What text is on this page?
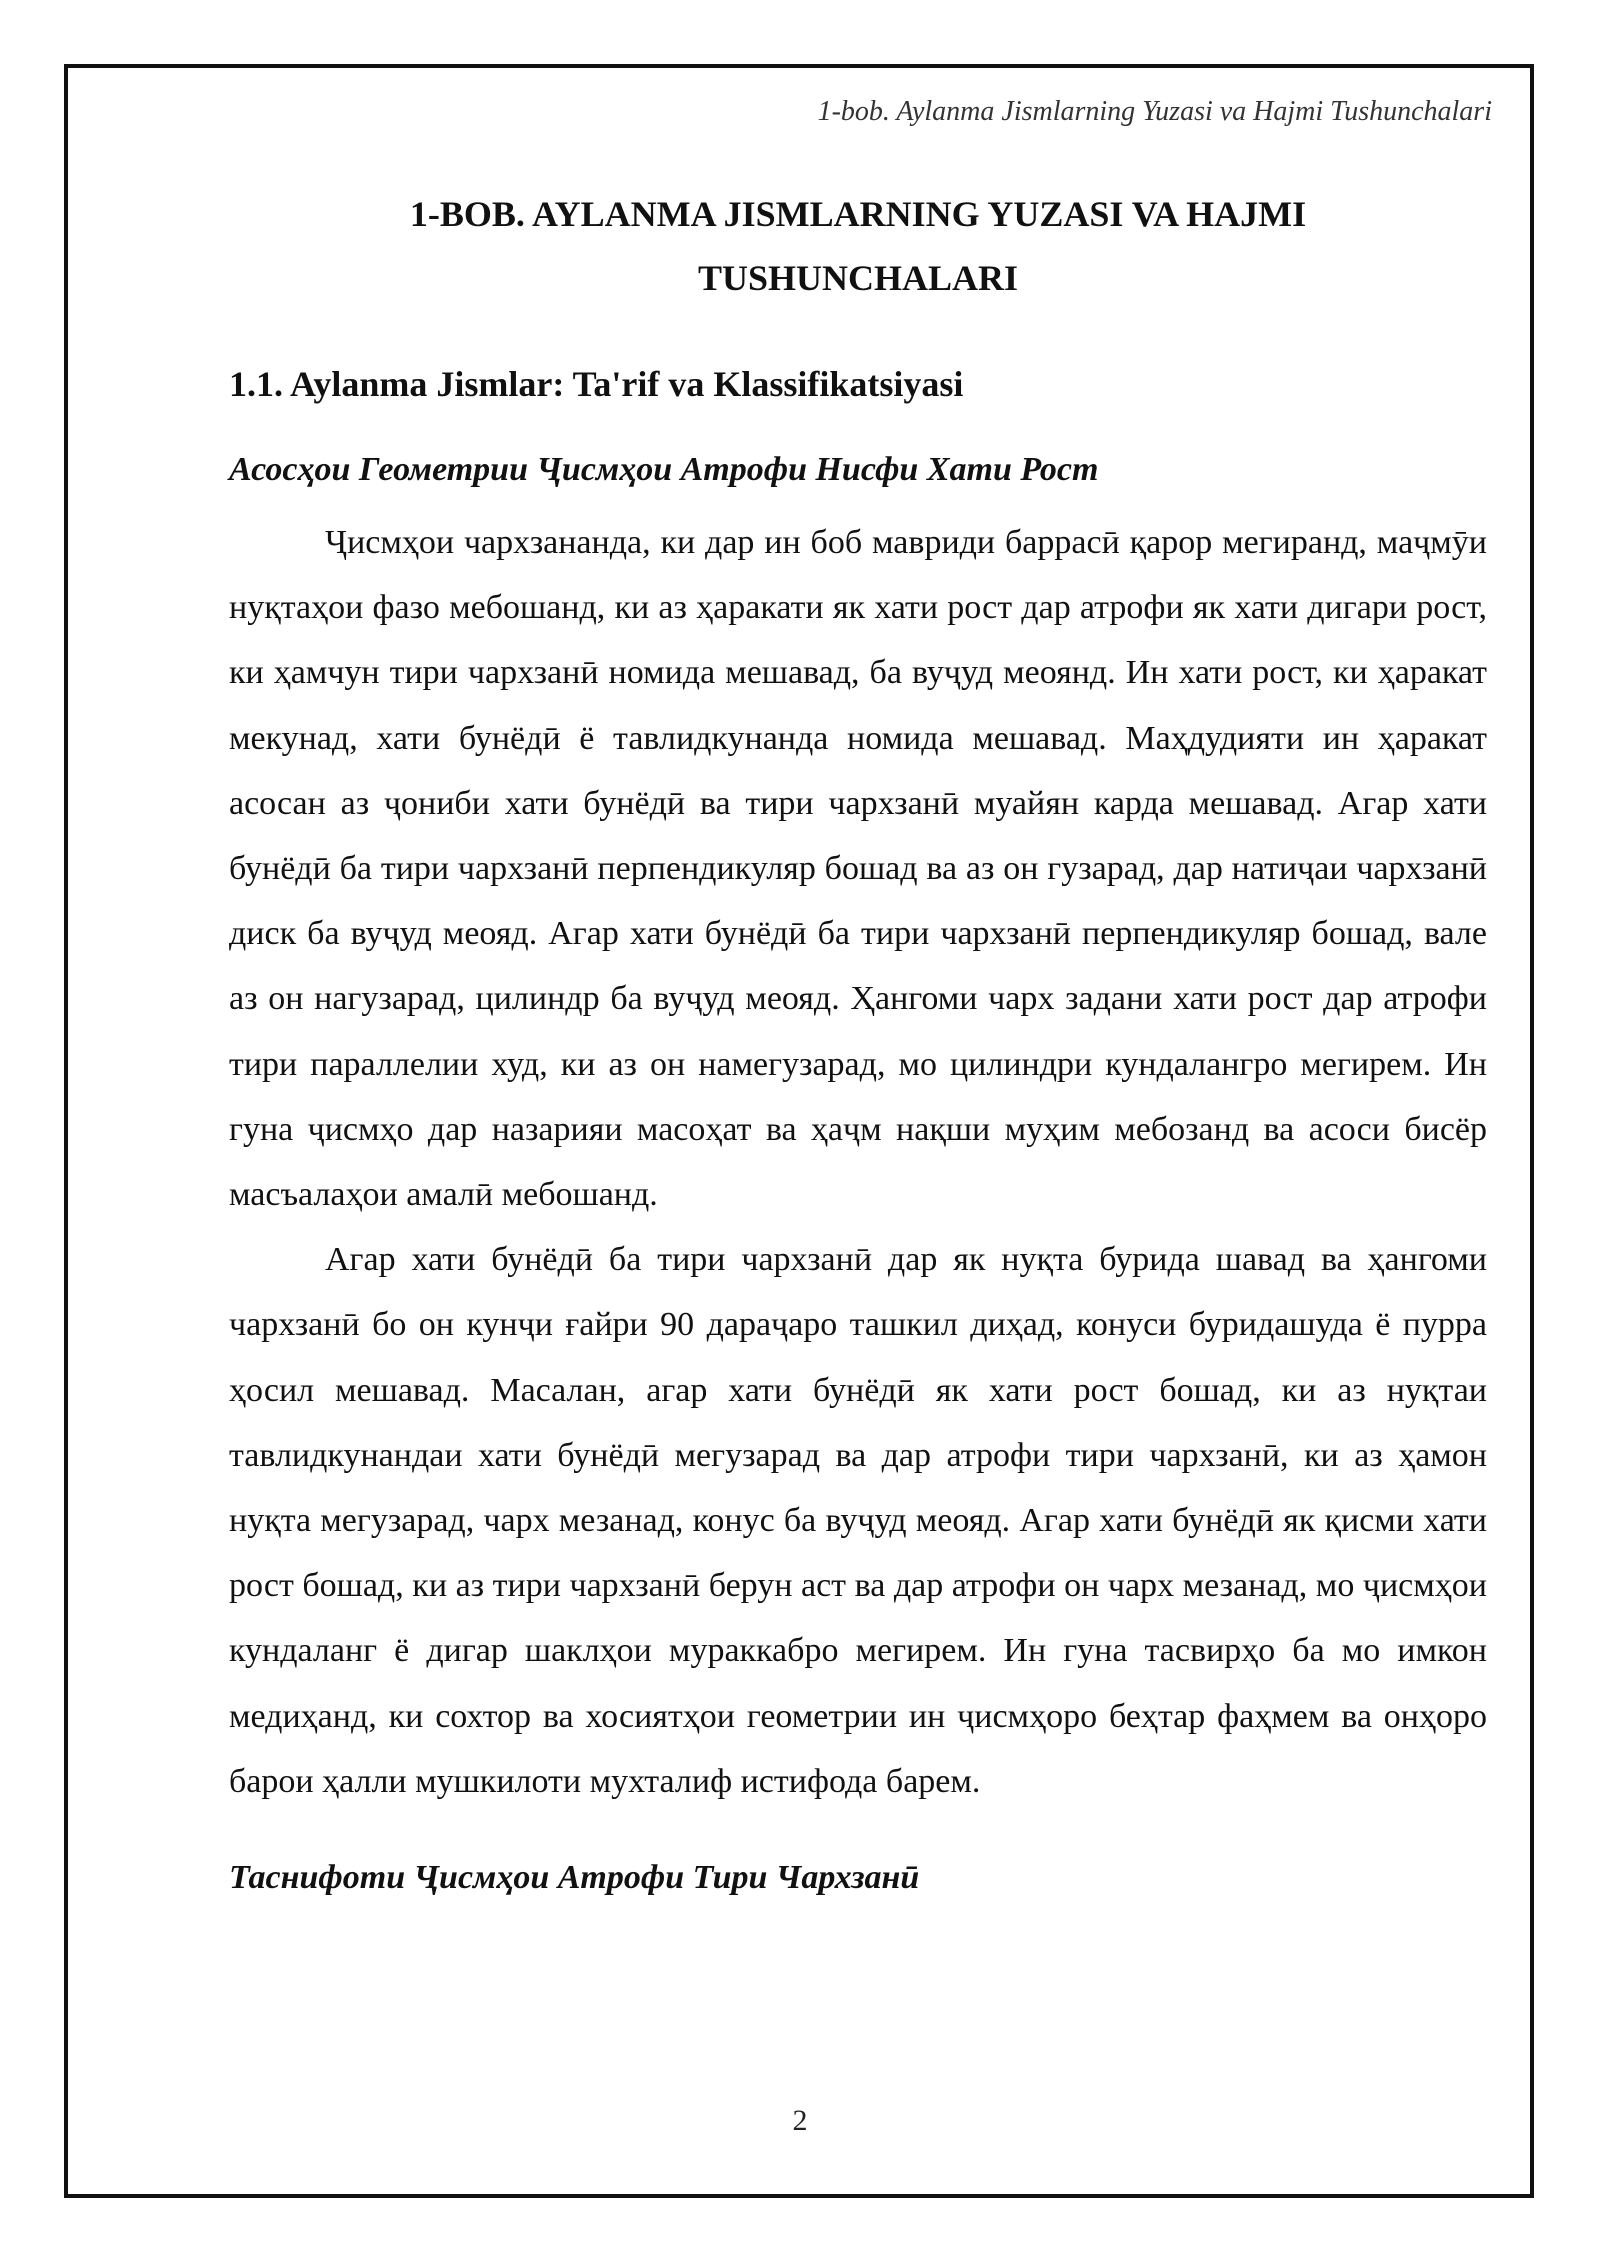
1-bob. Aylanma Jismlarning Yuzasi va Hajmi Tushunchalari
1-BOB. AYLANMA JISMLARNING YUZASI VA HAJMI TUSHUNCHALARI
1.1. Aylanma Jismlar: Ta'rif va Klassifikatsiyasi
Асосҳои Геометрии Ҷисмҳои Атрофи Нисфи Хати Рост

Ҷисмҳои чархзананда, ки дар ин боб мавриди баррасӣ қарор мегиранд, маҷмӯи нуқтаҳои фазо мебошанд, ки аз ҳаракати як хати рост дар атрофи як хати дигари рост, ки ҳамчун тири чархзанӣ номида мешавад, ба вуҷуд меоянд. Ин хати рост, ки ҳаракат мекунад, хати бунёдӣ ё тавлидкунанда номида мешавад. Маҳдудияти ин ҳаракат асосан аз ҷониби хати бунёдӣ ва тири чархзанӣ муайян карда мешавад. Агар хати бунёдӣ ба тири чархзанӣ перпендикуляр бошад ва аз он гузарад, дар натиҷаи чархзанӣ диск ба вуҷуд меояд. Агар хати бунёдӣ ба тири чархзанӣ перпендикуляр бошад, вале аз он нагузарад, цилиндр ба вуҷуд меояд. Ҳангоми чарх задани хати рост дар атрофи тири параллелии худ, ки аз он намегузарад, мо цилиндри кундалангро мегирем. Ин гуна ҷисмҳо дар назарияи масоҳат ва ҳаҷм нақши муҳим мебозанд ва асоси бисёр масъалаҳои амалӣ мебошанд.

Агар хати бунёдӣ ба тири чархзанӣ дар як нуқта бурида шавад ва ҳангоми чархзанӣ бо он кунҷи ғайри 90 дараҷаро ташкил диҳад, конуси буридашуда ё пурра ҳосил мешавад. Масалан, агар хати бунёдӣ як хати рост бошад, ки аз нуқтаи тавлидкунандаи хати бунёдӣ мегузарад ва дар атрофи тири чархзанӣ, ки аз ҳамон нуқта мегузарад, чарх мезанад, конус ба вуҷуд меояд. Агар хати бунёдӣ як қисми хати рост бошад, ки аз тири чархзанӣ берун аст ва дар атрофи он чарх мезанад, мо ҷисмҳои кундаланг ё дигар шаклҳои мураккабро мегирем. Ин гуна тасвирҳо ба мо имкон медиҳанд, ки сохтор ва хосиятҳои геометрии ин ҷисмҳоро беҳтар фаҳмем ва онҳоро барои ҳалли мушкилоти мухталиф истифода барем.

Таснифоти Ҷисмҳои Атрофи Тири Чархзанӣ
2
